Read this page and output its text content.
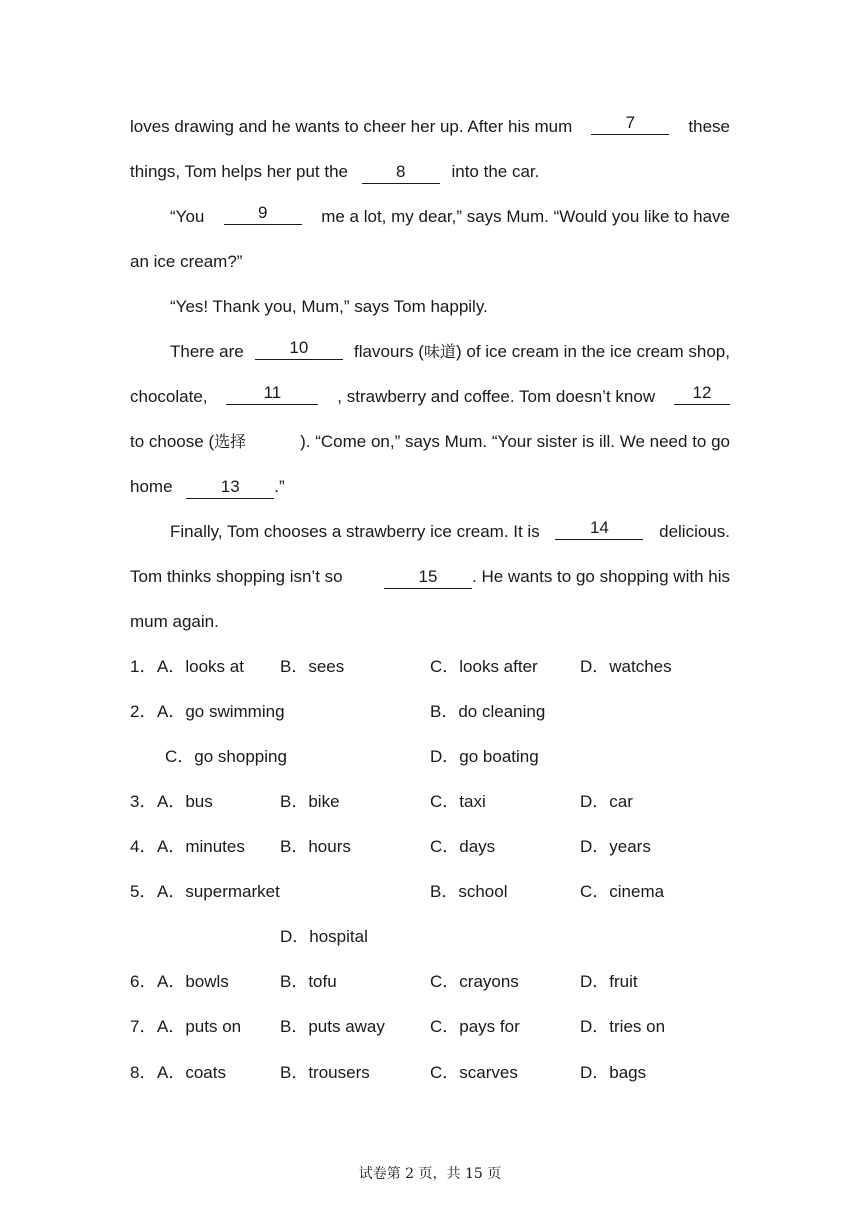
loves drawing and he wants to cheer her up. After his mum	7	these
things, Tom helps her put the	8	into the car.
“You	9	me a lot, my dear,” says Mum. “Would you like to have
an ice cream?”
“Yes! Thank you, Mum,” says Tom happily.
There are	10	flavours (味道) of ice cream in the ice cream shop,
chocolate,	11	, strawberry and coffee. Tom doesn’t know	12
to choose (选择	). “Come on,” says Mum. “Your sister is ill. We need to go
home	13 .”
Finally, Tom chooses a strawberry ice cream. It is	14	delicious.
Tom thinks shopping isn’t so	15 . He wants to go shopping with his
mum again.
1． A．looks at B．sees	C．looks after D．watches
2． A．go swimming	B．do cleaning
C．go shopping	D．go boating
3． A．bus	B．bike	C．taxi	D．car
4． A．minutes B．hours	C．days	D．years
5． A．supermarket	B．school	C．cinema
D．hospital
6． A．bowls	B．tofu	C．crayons	D．fruit
7． A．puts on B．puts away	C．pays for	D．tries on
8． A．coats	B．trousers	C．scarves	D．bags
试卷第 2 页，共 15 页
